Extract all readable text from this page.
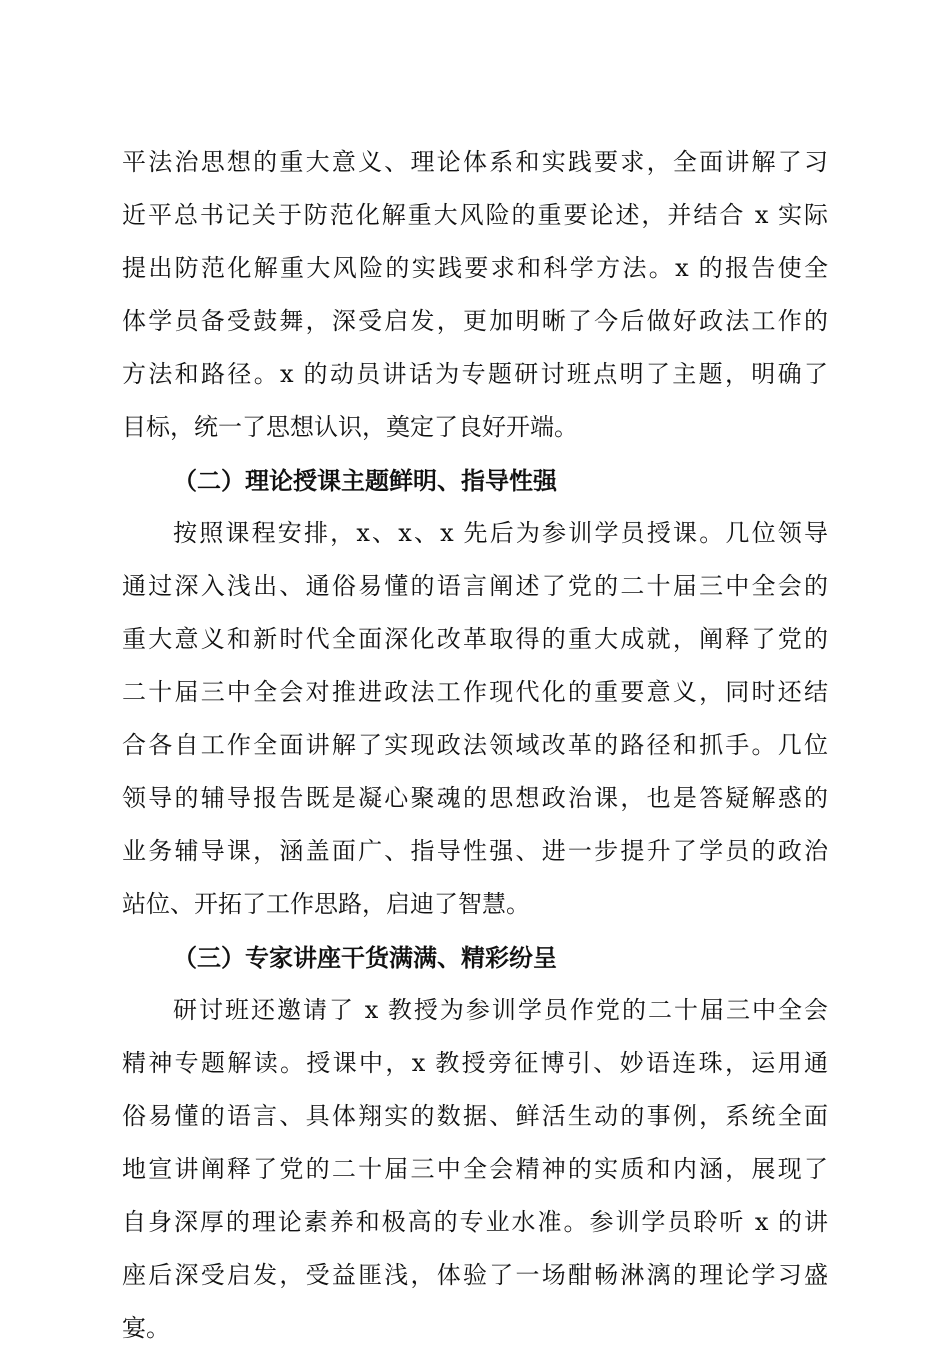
平法治思想的重大意义、理论体系和实践要求，全面讲解了习
近平总书记关于防范化解重大风险的重要论述，并结合 x 实际
提出防范化解重大风险的实践要求和科学方法。x 的报告使全
体学员备受鼓舞，深受启发，更加明晰了今后做好政法工作的
方法和路径。x 的动员讲话为专题研讨班点明了主题，明确了
目标，统一了思想认识，奠定了良好开端。
（二）理论授课主题鲜明、指导性强
按照课程安排，x、x、x 先后为参训学员授课。几位领导
通过深入浅出、通俗易懂的语言阐述了党的二十届三中全会的
重大意义和新时代全面深化改革取得的重大成就，阐释了党的
二十届三中全会对推进政法工作现代化的重要意义，同时还结
合各自工作全面讲解了实现政法领域改革的路径和抓手。几位
领导的辅导报告既是凝心聚魂的思想政治课，也是答疑解惑的
业务辅导课，涵盖面广、指导性强、进一步提升了学员的政治
站位、开拓了工作思路，启迪了智慧。
（三）专家讲座干货满满、精彩纷呈
研讨班还邀请了 x 教授为参训学员作党的二十届三中全会
精神专题解读。授课中，x 教授旁征博引、妙语连珠，运用通
俗易懂的语言、具体翔实的数据、鲜活生动的事例，系统全面
地宣讲阐释了党的二十届三中全会精神的实质和内涵，展现了
自身深厚的理论素养和极高的专业水准。参训学员聆听 x 的讲
座后深受启发，受益匪浅，体验了一场酣畅淋漓的理论学习盛
宴。
